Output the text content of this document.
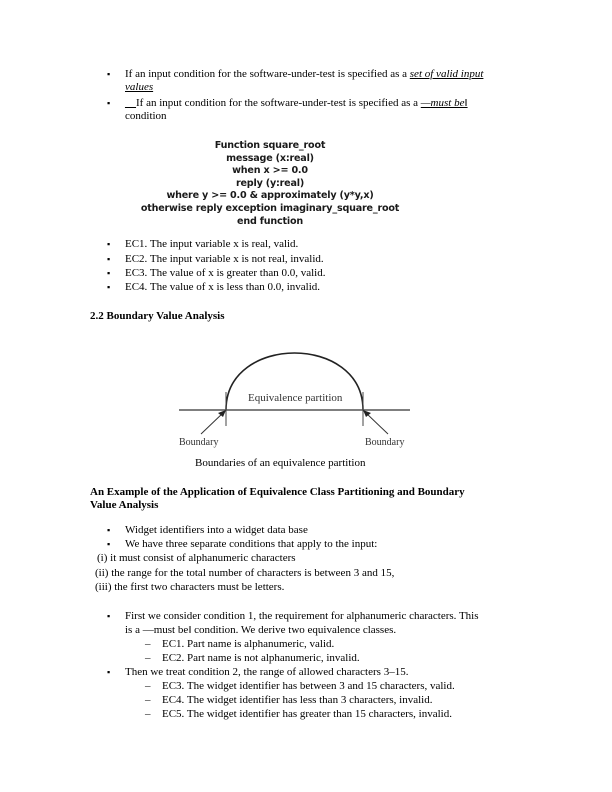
▪ If an input condition for the software-under-test is specified as a set of valid input
values
▪ __If an input condition for the software-under-test is specified as a —must be‖
condition
Function square_root
message (x:real)
when x >= 0.0
reply (y:real)
where y >= 0.0 & approximately (y*y,x)
otherwise reply exception imaginary_square_root
end function
▪ EC1. The input variable x is real, valid.
▪ EC2. The input variable x is not real, invalid.
▪ EC3. The value of x is greater than 0.0, valid.
▪ EC4. The value of x is less than 0.0, invalid.
2.2 Boundary Value Analysis
Equivalence partition
Boundary	Boundary
Boundaries of an equivalence partition
An Example of the Application of Equivalence Class Partitioning and Boundary
Value Analysis
▪ Widget identifiers into a widget data base
▪ We have three separate conditions that apply to the input:
(i) it must consist of alphanumeric characters
(ii) the range for the total number of characters is between 3 and 15,
(iii) the first two characters must be letters.
▪ First we consider condition 1, the requirement for alphanumeric characters. This
is a —must be‖ condition. We derive two equivalence classes.
– EC1. Part name is alphanumeric, valid.
– EC2. Part name is not alphanumeric, invalid.
▪ Then we treat condition 2, the range of allowed characters 3–15.
– EC3. The widget identifier has between 3 and 15 characters, valid.
– EC4. The widget identifier has less than 3 characters, invalid.
– EC5. The widget identifier has greater than 15 characters, invalid.
